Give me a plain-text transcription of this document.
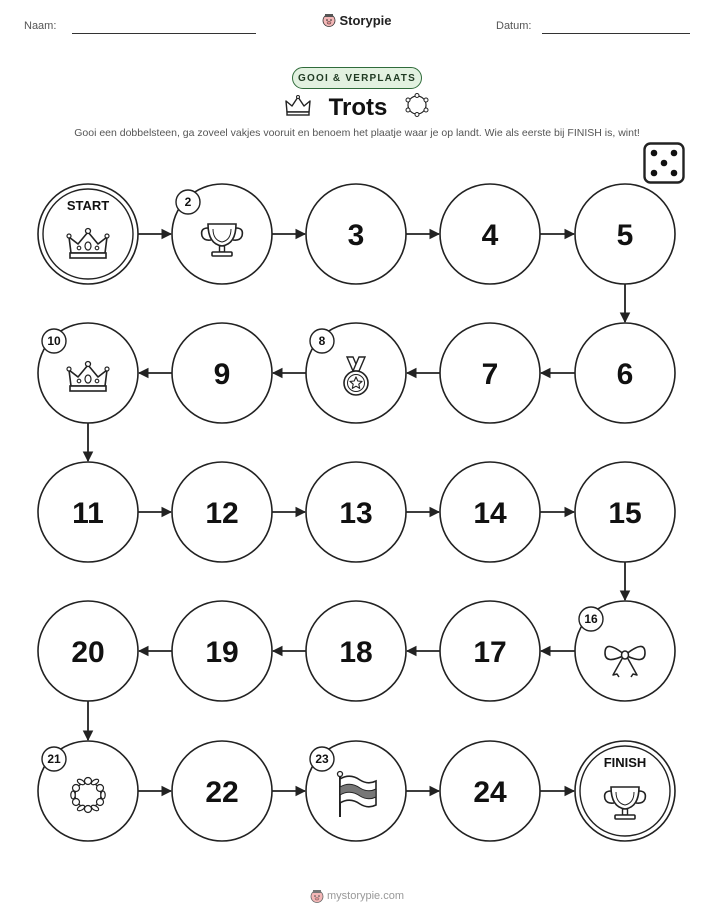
Naam:	Storypie	Datum:
GOOI & VERPLAATS
Trots
Gooi een dobbelsteen, ga zoveel vakjes vooruit en benoem het plaatje waar je op landt. Wie als eerste bij FINISH is, wint!
START	2
3	4	5
6
7
8
9
10
11	12	13	14	15
16
17
18
19
20
21
22
23
24
FINISH
mystorypie.com
